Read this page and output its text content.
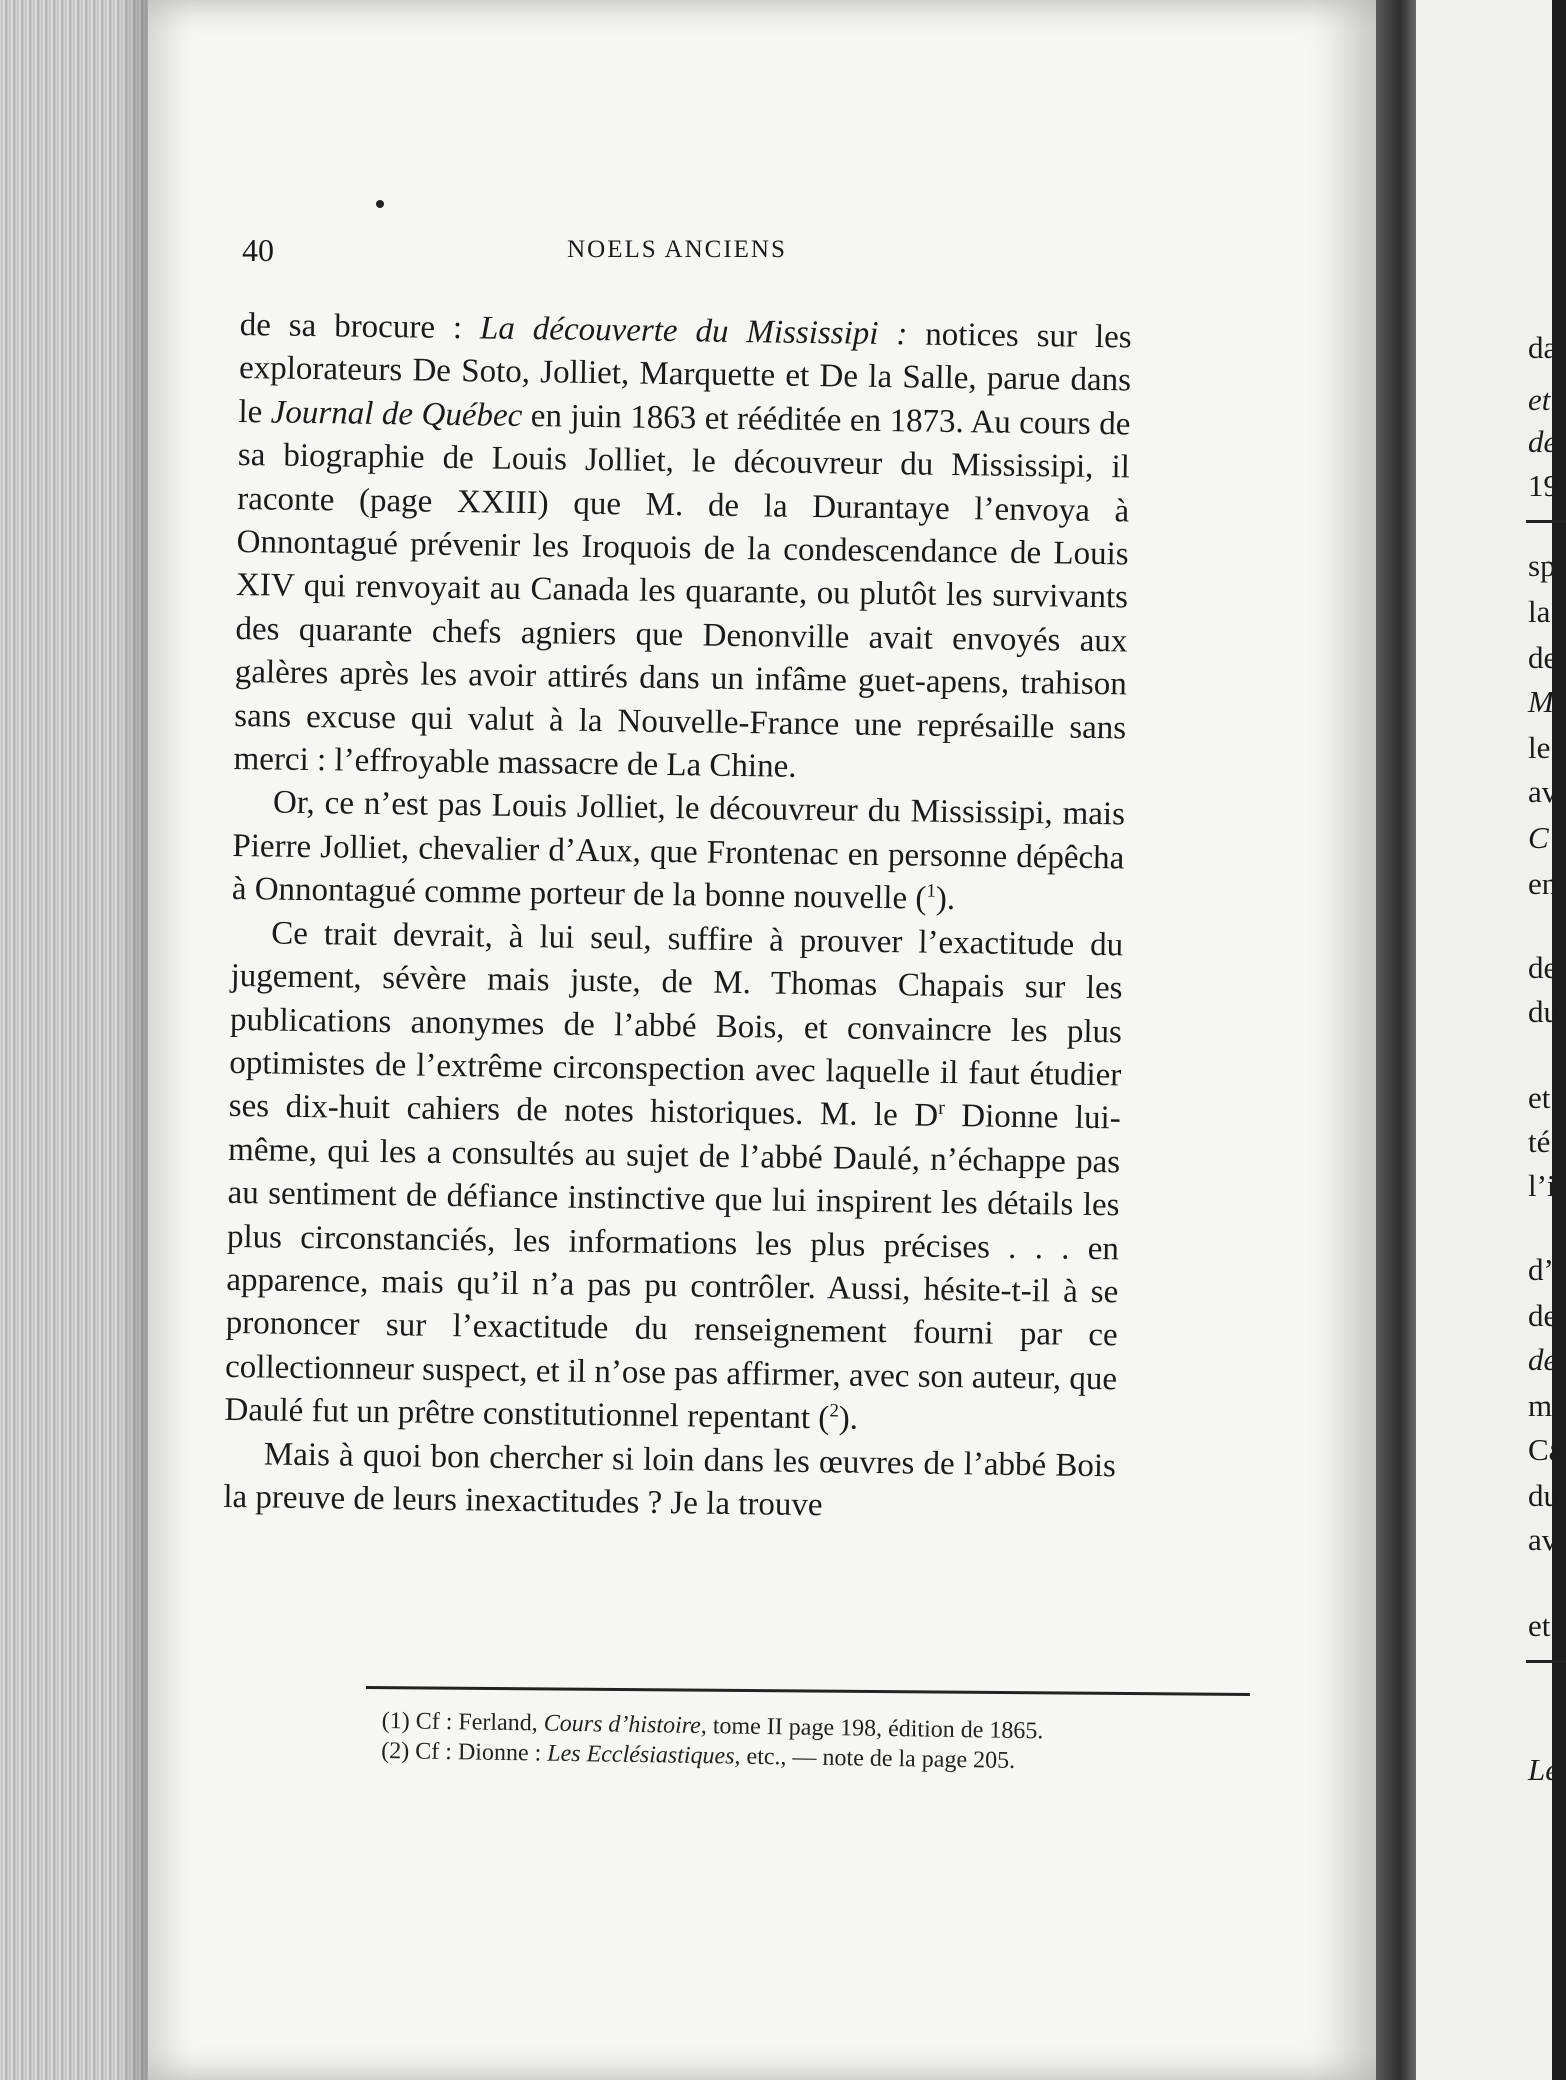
40	NOELS ANCIENS

de sa brocure : La découverte du Mississipi : notices sur les explorateurs De Soto, Jolliet, Marquette et De la Salle, parue dans le Journal de Québec en juin 1863 et rééditée en 1873. Au cours de sa biographie de Louis Jolliet, le découvreur du Mississipi, il raconte (page XXIII) que M. de la Durantaye l’envoya à Onnontagué prévenir les Iroquois de la condescendance de Louis XIV qui renvoyait au Canada les quarante, ou plutôt les survivants des quarante chefs agniers que Denonville avait envoyés aux galères après les avoir attirés dans un infâme guet-apens, trahison sans excuse qui valut à la Nouvelle-France une représaille sans merci : l’effroyable massacre de La Chine.

Or, ce n’est pas Louis Jolliet, le découvreur du Mississipi, mais Pierre Jolliet, chevalier d’Aux, que Frontenac en personne dépêcha à Onnontagué comme porteur de la bonne nouvelle ($^1$).

Ce trait devrait, à lui seul, suffire à prouver l’exactitude du jugement, sévère mais juste, de M. Thomas Chapais sur les publications anonymes de l’abbé Bois, et convaincre les plus optimistes de l’extrême circonspection avec laquelle il faut étudier ses dix-huit cahiers de notes historiques. M. le $D^r$ Dionne lui-même, qui les a consultés au sujet de l’abbé Daulé, n’échappe pas au sentiment de défiance instinctive que lui inspirent les détails les plus circonstanciés, les informations les plus précises . . . en apparence, mais qu’il n’a pas pu contrôler. Aussi, hésite-t-il à se prononcer sur l’exactitude du renseignement fourni par ce collectionneur suspect, et il n’ose pas affirmer, avec son auteur, que Daulé fut un prêtre constitutionnel repentant ($^2$).

Mais à quoi bon chercher si loin dans les œuvres de l’abbé Bois la preuve de leurs inexactitudes ? Je la trouve

(1) Cf : Ferland, Cours d’histoire, tome II page 198, édition de 1865.

(2) Cf : Dionne : Les Ecclésiastiques, etc., — note de la page 205.

da
et
de
19
sp
la
de
M
le
av
C
en
de
du
et
té
l’i
d’
de
de
m
Ca
du
av
et
Le
